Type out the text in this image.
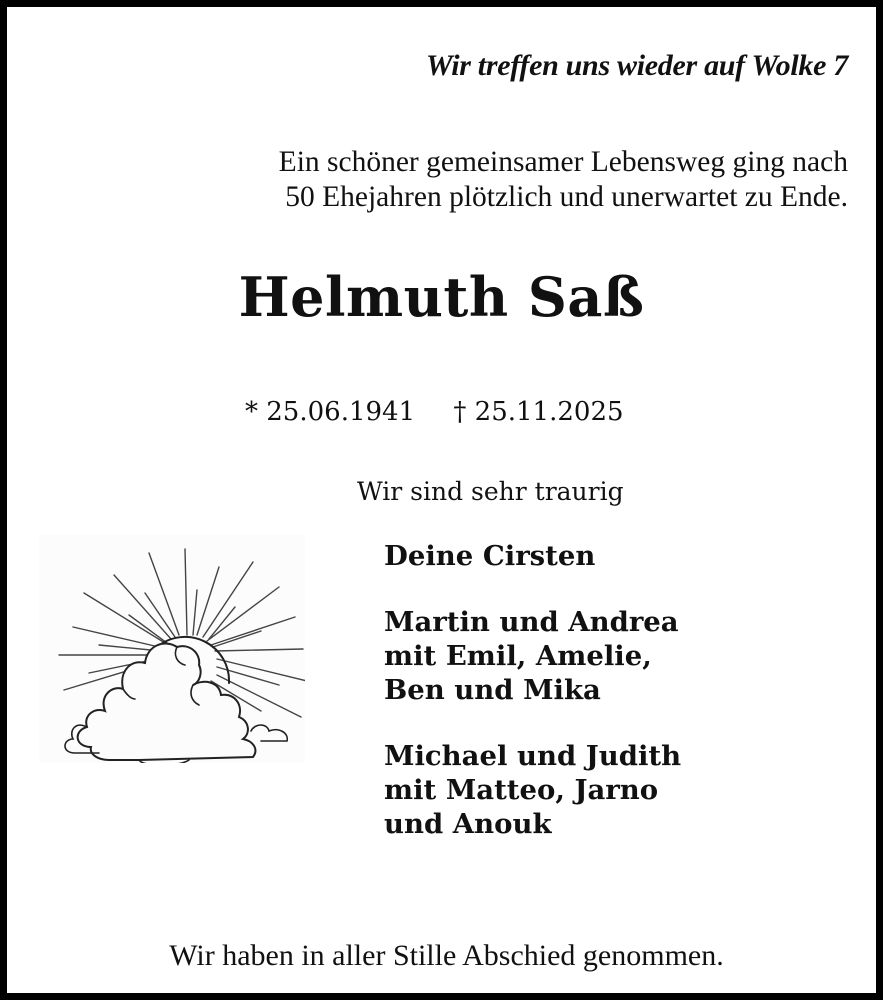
Wir treffen uns wieder auf Wolke 7
Ein schöner gemeinsamer Lebensweg ging nach
50 Ehejahren plötzlich und unerwartet zu Ende.
Helmuth Saß
* 25.06.1941 † 25.11.2025
Wir sind sehr traurig
Deine Cirsten
Martin und Andrea
mit Emil, Amelie,
Ben und Mika
Michael und Judith
mit Matteo, Jarno
und Anouk
Wir haben in aller Stille Abschied genommen.
